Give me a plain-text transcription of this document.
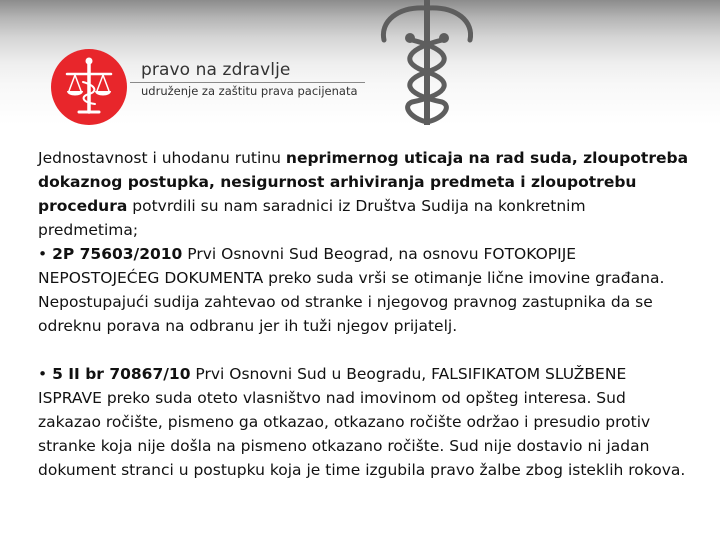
pravo na zdravlje
udruženje za zaštitu prava pacijenata
Jednostavnost i uhodanu rutinu neprimernog uticaja na rad suda, zloupotreba dokaznog postupka, nesigurnost arhiviranja predmeta i zloupotrebu procedura potvrdili su nam saradnici iz Društva Sudija na konkretnim predmetima;
• 2P 75603/2010 Prvi Osnovni Sud Beograd, na osnovu FOTOKOPIJE NEPOSTOJEĆEG DOKUMENTA preko suda vrši se otimanje lične imovine građana. Nepostupajući sudija zahtevao od stranke i njegovog pravnog zastupnika da se odreknu porava na odbranu jer ih tuži njegov prijatelj.
• 5 II br 70867/10 Prvi Osnovni Sud u Beogradu, FALSIFIKATOM SLUŽBENE ISPRAVE preko suda oteto vlasništvo nad imovinom od opšteg interesa. Sud zakazao ročište, pismeno ga otkazao, otkazano ročište održao i presudio protiv stranke koja nije došla na pismeno otkazano ročište. Sud nije dostavio ni jadan dokument stranci u postupku koja je time izgubila pravo žalbe zbog isteklih rokova.
